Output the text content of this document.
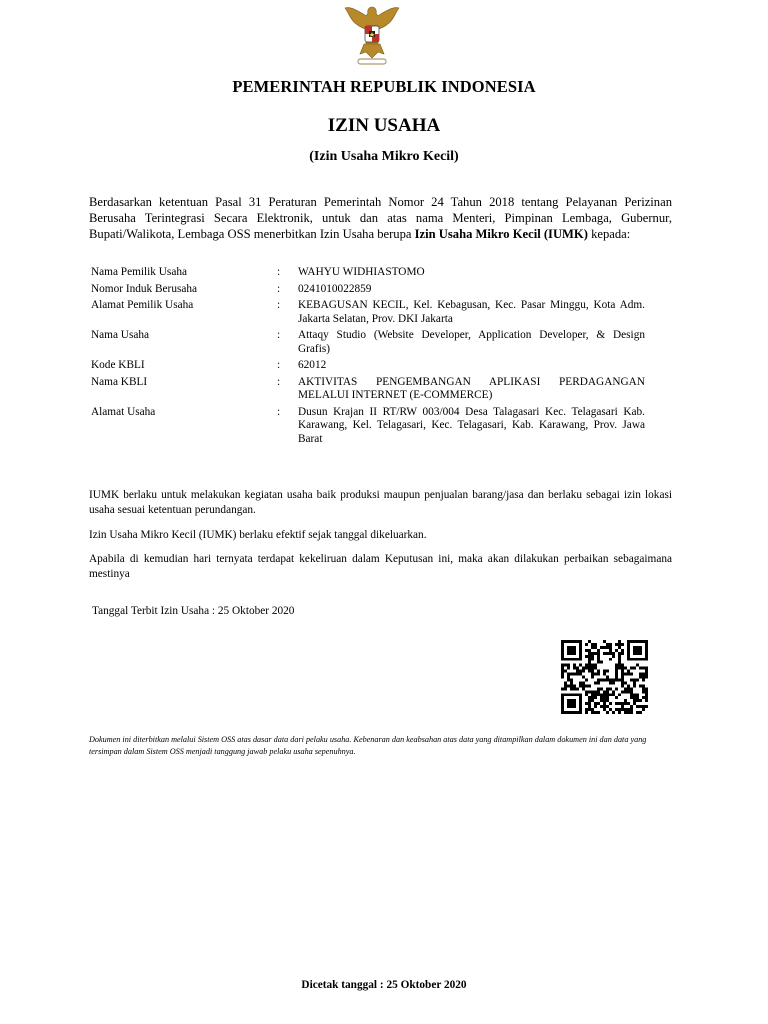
PEMERINTAH REPUBLIK INDONESIA
IZIN USAHA
(Izin Usaha Mikro Kecil)
Berdasarkan ketentuan Pasal 31 Peraturan Pemerintah Nomor 24 Tahun 2018 tentang Pelayanan Perizinan Berusaha Terintegrasi Secara Elektronik, untuk dan atas nama Menteri, Pimpinan Lembaga, Gubernur, Bupati/Walikota, Lembaga OSS menerbitkan Izin Usaha berupa Izin Usaha Mikro Kecil (IUMK) kepada:
Nama Pemilik Usaha	:	WAHYU WIDHIASTOMO
Nomor Induk Berusaha	:	0241010022859
Alamat Pemilik Usaha	:	KEBAGUSAN KECIL, Kel. Kebagusan, Kec. Pasar Minggu, Kota Adm. Jakarta Selatan, Prov. DKI Jakarta
Nama Usaha	:	Attaqy Studio (Website Developer, Application Developer, & Design Grafis)
Kode KBLI	:	62012
Nama KBLI	:	AKTIVITAS PENGEMBANGAN APLIKASI PERDAGANGAN MELALUI INTERNET (E-COMMERCE)
Alamat Usaha	:	Dusun Krajan II RT/RW 003/004 Desa Talagasari Kec. Telagasari Kab. Karawang, Kel. Telagasari, Kec. Telagasari, Kab. Karawang, Prov. Jawa Barat
IUMK berlaku untuk melakukan kegiatan usaha baik produksi maupun penjualan barang/jasa dan berlaku sebagai izin lokasi usaha sesuai ketentuan perundangan.
Izin Usaha Mikro Kecil (IUMK) berlaku efektif sejak tanggal dikeluarkan.
Apabila di kemudian hari ternyata terdapat kekeliruan dalam Keputusan ini, maka akan dilakukan perbaikan sebagaimana mestinya
Tanggal Terbit Izin Usaha : 25 Oktober 2020
Dokumen ini diterbitkan melalui Sistem OSS atas dasar data dari pelaku usaha. Kebenaran dan keabsahan atas data yang ditampilkan dalam dokumen ini dan data yang tersimpan dalam Sistem OSS menjadi tanggung jawab pelaku usaha sepenuhnya.
Dicetak tanggal : 25 Oktober 2020
